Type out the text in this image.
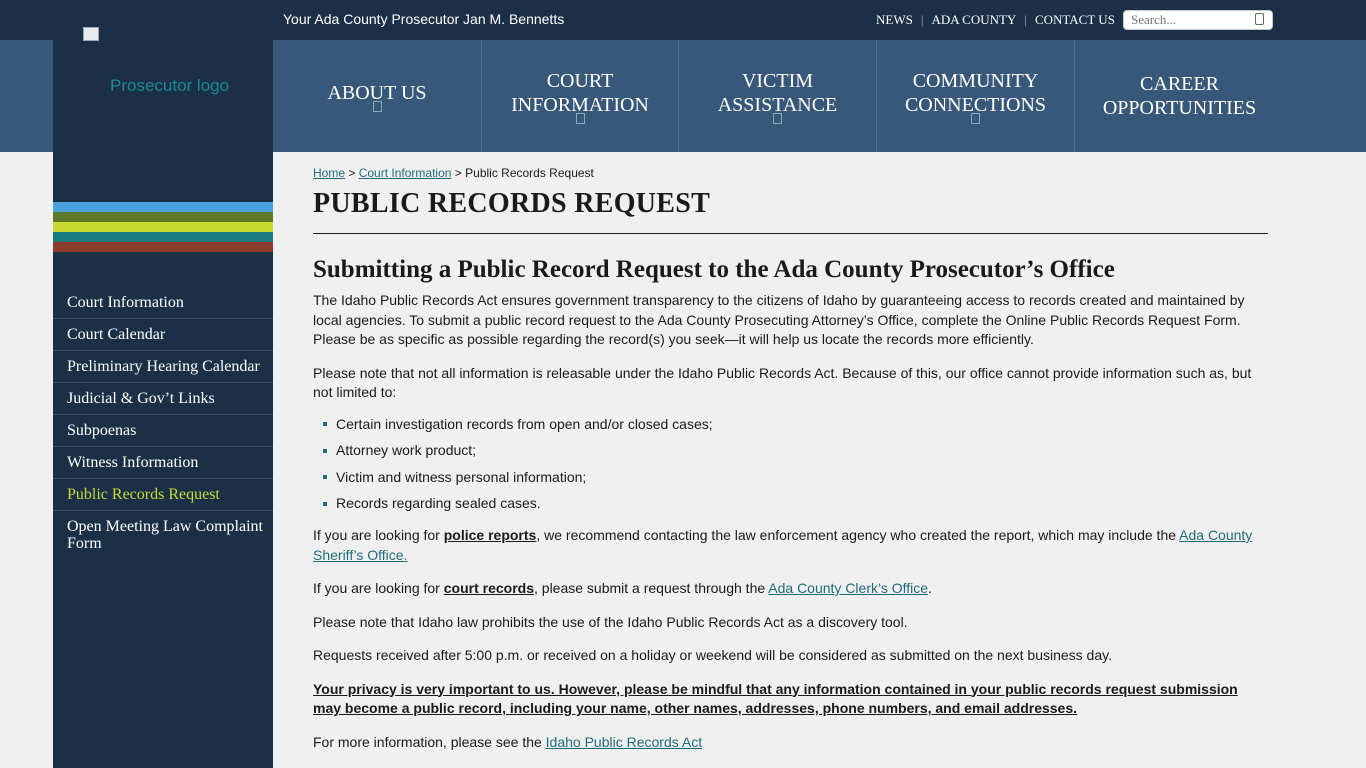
Your Ada County Prosecutor Jan M. Bennetts	NEWS | ADA COUNTY | CONTACT US
Search...
ABOUT US
COURT
INFORMATION
VICTIM
ASSISTANCE
COMMUNITY
CONNECTIONS
CAREER
OPPORTUNITIES
Prosecutor logo
Court Information
Court Calendar
Preliminary Hearing Calendar
Judicial & Gov’t Links
Subpoenas
Witness Information
Public Records Request
Open Meeting Law Complaint Form
Home > Court Information > Public Records Request
PUBLIC RECORDS REQUEST
Submitting a Public Record Request to the Ada County Prosecutor’s Office

The Idaho Public Records Act ensures government transparency to the citizens of Idaho by guaranteeing access to records created and maintained by local agencies. To submit a public record request to the Ada County Prosecuting Attorney’s Office, complete the Online Public Records Request Form. Please be as specific as possible regarding the record(s) you seek—it will help us locate the records more efficiently.

Please note that not all information is releasable under the Idaho Public Records Act. Because of this, our office cannot provide information such as, but not limited to:

Certain investigation records from open and/or closed cases;
Attorney work product;
Victim and witness personal information;
Records regarding sealed cases.

If you are looking for police reports, we recommend contacting the law enforcement agency who created the report, which may include the Ada County Sheriff’s Office.

If you are looking for court records, please submit a request through the Ada County Clerk’s Office.

Please note that Idaho law prohibits the use of the Idaho Public Records Act as a discovery tool.

Requests received after 5:00 p.m. or received on a holiday or weekend will be considered as submitted on the next business day.

Your privacy is very important to us. However, please be mindful that any information contained in your public records request submission may become a public record, including your name, other names, addresses, phone numbers, and email addresses.

For more information, please see the Idaho Public Records Act
